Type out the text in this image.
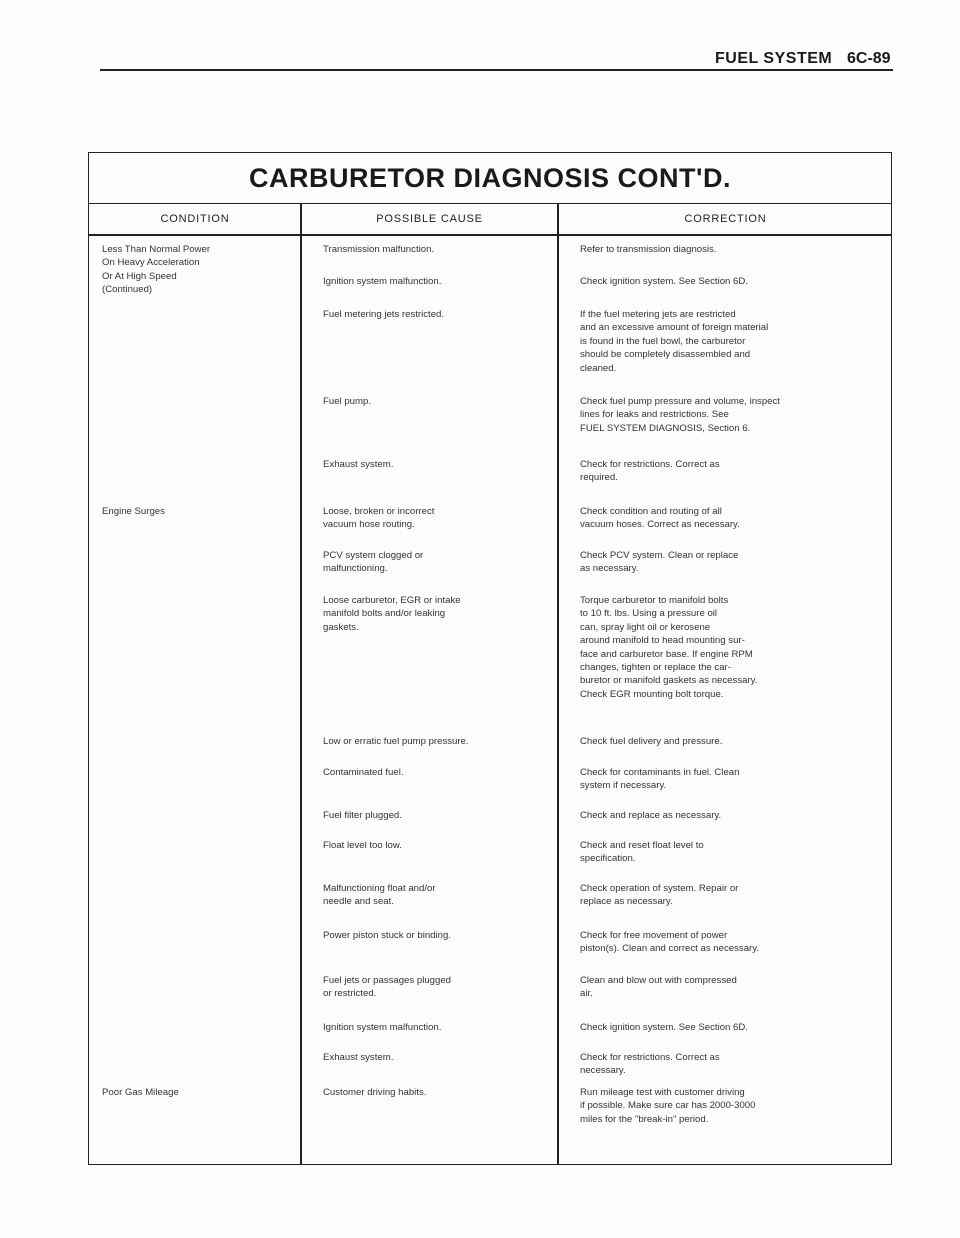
FUEL SYSTEM 6C-89
CARBURETOR DIAGNOSIS CONT'D.
CONDITION	POSSIBLE CAUSE	CORRECTION
Less Than Normal Power
On Heavy Acceleration
Or At High Speed
(Continued)
Engine Surges
Poor Gas Mileage
Transmission malfunction.
Ignition system malfunction.
Fuel metering jets restricted.
Fuel pump.
Exhaust system.
Loose, broken or incorrect
vacuum hose routing.
PCV system clogged or
malfunctioning.
Loose carburetor, EGR or intake
manifold bolts and/or leaking
gaskets.
Low or erratic fuel pump pressure.
Contaminated fuel.
Fuel filter plugged.
Float level too low.
Malfunctioning float and/or
needle and seat.
Power piston stuck or binding.
Fuel jets or passages plugged
or restricted.
Ignition system malfunction.
Exhaust system.
Customer driving habits.
Refer to transmission diagnosis.
Check ignition system. See Section 6D.
If the fuel metering jets are restricted
and an excessive amount of foreign material
is found in the fuel bowl, the carburetor
should be completely disassembled and
cleaned.
Check fuel pump pressure and volume, inspect
lines for leaks and restrictions. See
FUEL SYSTEM DIAGNOSIS, Section 6.
Check for restrictions. Correct as
required.
Check condition and routing of all
vacuum hoses. Correct as necessary.
Check PCV system. Clean or replace
as necessary.
Torque carburetor to manifold bolts
to 10 ft. lbs. Using a pressure oil
can, spray light oil or kerosene
around manifold to head mounting sur-
face and carburetor base. If engine RPM
changes, tighten or replace the car-
buretor or manifold gaskets as necessary.
Check EGR mounting bolt torque.
Check fuel delivery and pressure.
Check for contaminants in fuel. Clean
system if necessary.
Check and replace as necessary.
Check and reset float level to
specification.
Check operation of system. Repair or
replace as necessary.
Check for free movement of power
piston(s). Clean and correct as necessary.
Clean and blow out with compressed
air.
Check ignition system. See Section 6D.
Check for restrictions. Correct as
necessary.
Run mileage test with customer driving
if possible. Make sure car has 2000-3000
miles for the "break-in" period.
